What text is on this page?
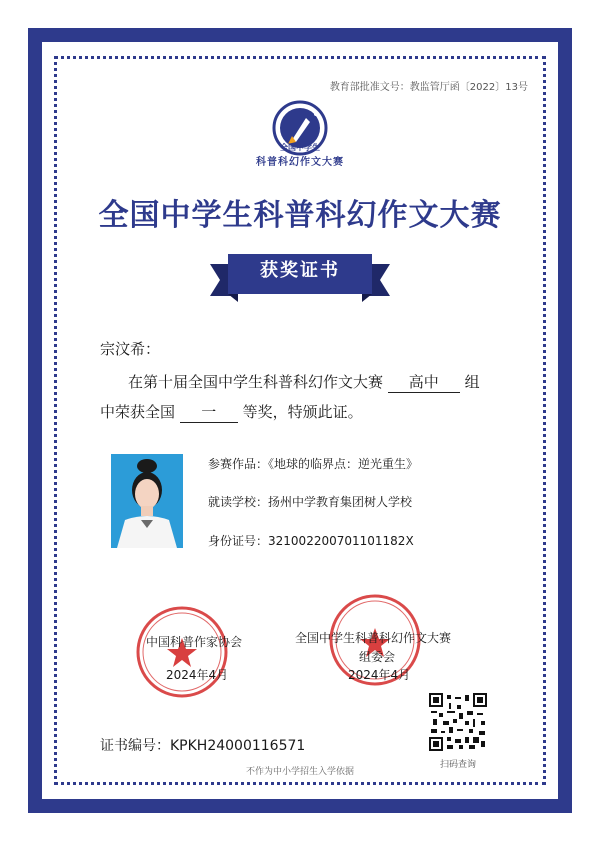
教育部批准文号：教监管厅函〔2022〕13号
全国中学生
科普科幻作文大赛
全国中学生科普科幻作文大赛
获奖证书
宗汶希：
在第十届全国中学生科普科幻作文大赛 高中 组
中荣获全国 一 等奖，特颁此证。
参赛作品：《地球的临界点：逆光重生》
就读学校：扬州中学教育集团树人学校
身份证号：321002200701101182X
中国科普作家协会
2024年4月
全国中学生科普科幻作文大赛
组委会
2024年4月
扫码查询
证书编号：KPKH24000116571
不作为中小学招生入学依据
